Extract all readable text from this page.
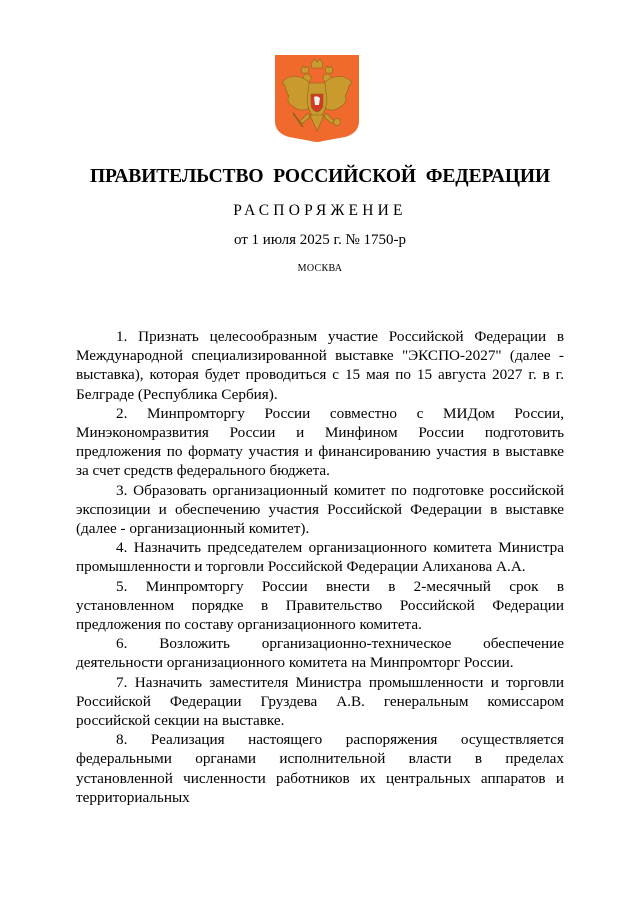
ПРАВИТЕЛЬСТВО РОССИЙСКОЙ ФЕДЕРАЦИИ
РАСПОРЯЖЕНИЕ
от 1 июля 2025 г. № 1750-р
МОСКВА

1. Признать целесообразным участие Российской Федерации в Международной специализированной выставке "ЭКСПО-2027" (далее - выставка), которая будет проводиться с 15 мая по 15 августа 2027 г. в г. Белграде (Республика Сербия).

2. Минпромторгу России совместно с МИДом России, Минэкономразвития России и Минфином России подготовить предложения по формату участия и финансированию участия в выставке за счет средств федерального бюджета.

3. Образовать организационный комитет по подготовке российской экспозиции и обеспечению участия Российской Федерации в выставке (далее - организационный комитет).

4. Назначить председателем организационного комитета Министра промышленности и торговли Российской Федерации Алиханова А.А.

5. Минпромторгу России внести в 2-месячный срок в установленном порядке в Правительство Российской Федерации предложения по составу организационного комитета.

6. Возложить организационно-техническое обеспечение деятельности организационного комитета на Минпромторг России.

7. Назначить заместителя Министра промышленности и торговли Российской Федерации Груздева А.В. генеральным комиссаром российской секции на выставке.

8. Реализация настоящего распоряжения осуществляется федеральными органами исполнительной власти в пределах установленной численности работников их центральных аппаратов и территориальных
